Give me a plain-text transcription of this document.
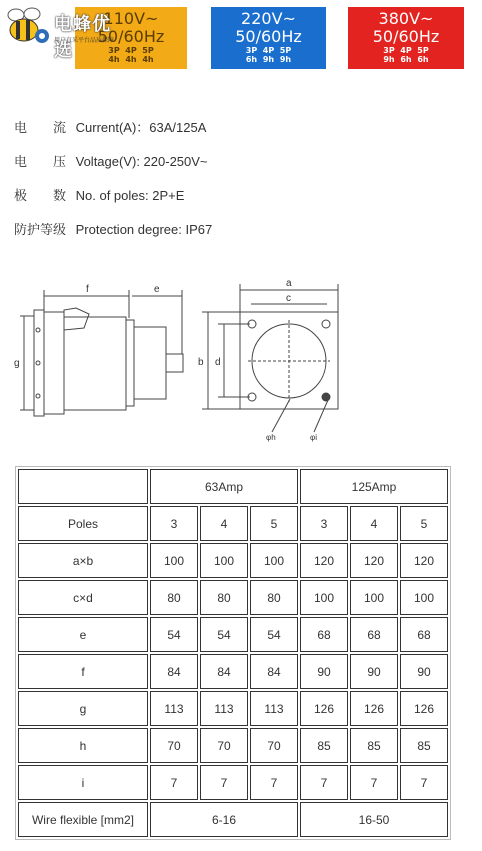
110V~
50/60Hz
3P 4P 5P
4h 4h 4h
220V~
50/60Hz
3P 4P 5P
6h 9h 9h
380V~
50/60Hz
3P 4P 5P
9h 6h 6h
电蜂优选
用户直采平台品质保障
电流 Current(A)：63A/125A
电压 Voltage(V): 220-250V~
极数 No. of poles: 2P+E
防护等级 Protection degree: IP67
f	e
g
a
c
b d
φh	φi
	63Amp			125Amp		
Poles	3	4	5	3	4	5
a×b	100	100	100	120	120	120
c×d	80	80	80	100	100	100
e	54	54	54	68	68	68
f	84	84	84	90	90	90
g	113	113	113	126	126	126
h	70	70	70	85	85	85
i	7	7	7	7	7	7
Wire flexible [mm2]	6-16			16-50		
